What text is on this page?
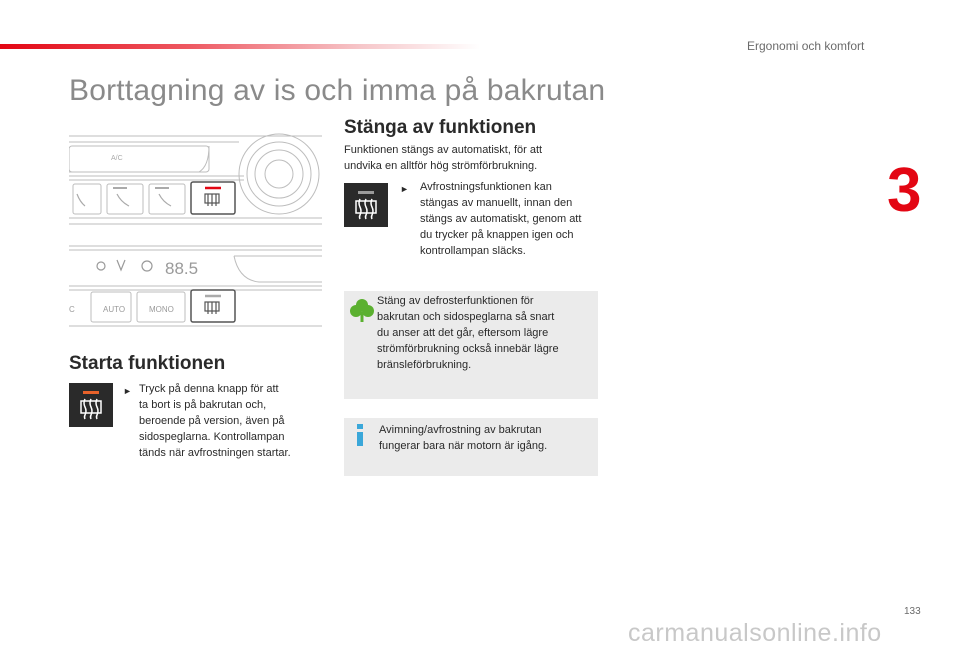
Ergonomi och komfort
3
Borttagning av is och imma på bakrutan
A/C
88.5
AUTO	MONO
C
Starta funktionen
► Tryck på denna knapp för att
ta bort is på bakrutan och,
beroende på version, även på
sidospeglarna. Kontrollampan
tänds när avfrostningen startar.
Stänga av funktionen
Funktionen stängs av automatiskt, för att
undvika en alltför hög strömförbrukning.
► Avfrostningsfunktionen kan
stängas av manuellt, innan den
stängs av automatiskt, genom att
du trycker på knappen igen och
kontrollampan släcks.
Stäng av defrosterfunktionen för
bakrutan och sidospeglarna så snart
du anser att det går, eftersom lägre
strömförbrukning också innebär lägre
bränsleförbrukning.
Avimning/avfrostning av bakrutan
fungerar bara när motorn är igång.
133
carmanualsonline.info
